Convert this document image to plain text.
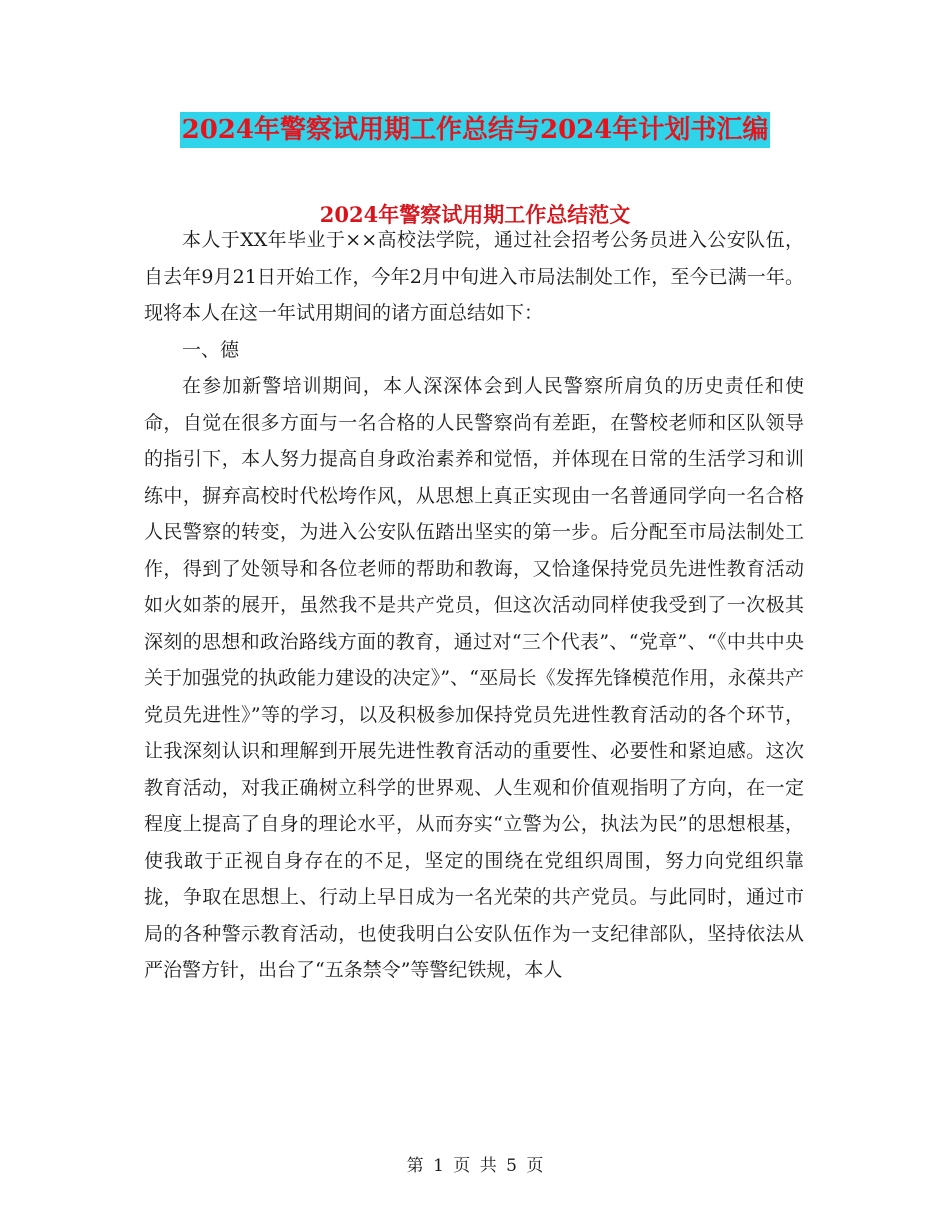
2024年警察试用期工作总结与2024年计划书汇编
2024年警察试用期工作总结范文

本人于XX年毕业于××高校法学院，通过社会招考公务员进入公安队伍，自去年9月21日开始工作，今年2月中旬进入市局法制处工作，至今已满一年。现将本人在这一年试用期间的诸方面总结如下：

一、德

在参加新警培训期间，本人深深体会到人民警察所肩负的历史责任和使命，自觉在很多方面与一名合格的人民警察尚有差距，在警校老师和区队领导的指引下，本人努力提高自身政治素养和觉悟，并体现在日常的生活学习和训练中，摒弃高校时代松垮作风，从思想上真正实现由一名普通同学向一名合格人民警察的转变，为进入公安队伍踏出坚实的第一步。后分配至市局法制处工作，得到了处领导和各位老师的帮助和教诲，又恰逢保持党员先进性教育活动如火如荼的展开，虽然我不是共产党员，但这次活动同样使我受到了一次极其深刻的思想和政治路线方面的教育，通过对“三个代表”、“党章”、“《中共中央关于加强党的执政能力建设的决定》”、“巫局长《发挥先锋模范作用，永葆共产党员先进性》”等的学习，以及积极参加保持党员先进性教育活动的各个环节，让我深刻认识和理解到开展先进性教育活动的重要性、必要性和紧迫感。这次教育活动，对我正确树立科学的世界观、人生观和价值观指明了方向，在一定程度上提高了自身的理论水平，从而夯实“立警为公，执法为民”的思想根基，使我敢于正视自身存在的不足，坚定的围绕在党组织周围，努力向党组织靠拢，争取在思想上、行动上早日成为一名光荣的共产党员。与此同时，通过市局的各种警示教育活动，也使我明白公安队伍作为一支纪律部队，坚持依法从严治警方针，出台了“五条禁令”等警纪铁规，本人

第 1 页 共 5 页
